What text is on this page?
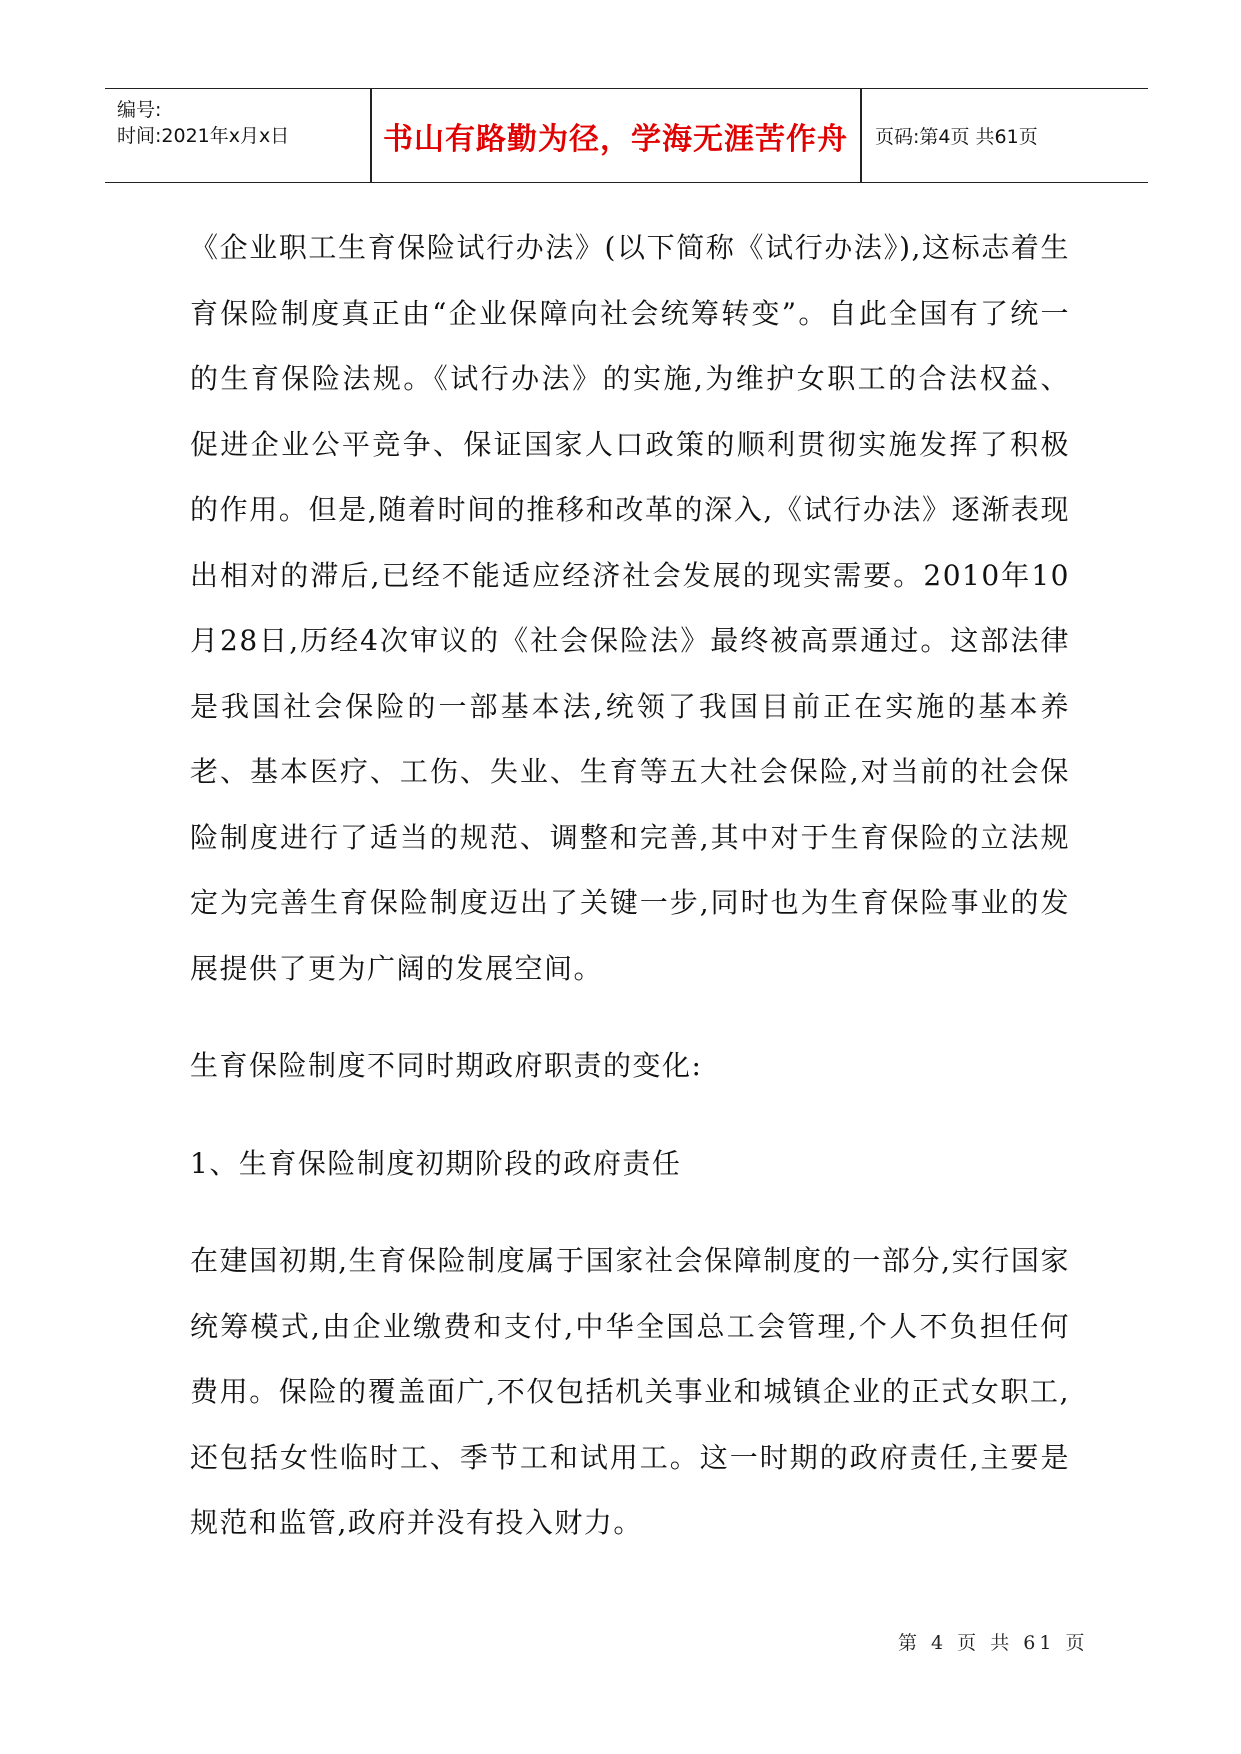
编号:
时间:2021年x月x日	书山有路勤为径，学海无涯苦作舟	页码:第4页 共61页

《企业职工生育保险试行办法》(以下简称《试行办法》),这标志着生育保险制度真正由“企业保障向社会统筹转变”。自此全国有了统一的生育保险法规。《试行办法》的实施,为维护女职工的合法权益、促进企业公平竞争、保证国家人口政策的顺利贯彻实施发挥了积极的作用。但是,随着时间的推移和改革的深入,《试行办法》逐渐表现出相对的滞后,已经不能适应经济社会发展的现实需要。2010年10月28日,历经4次审议的《社会保险法》最终被高票通过。这部法律是我国社会保险的一部基本法,统领了我国目前正在实施的基本养老、基本医疗、工伤、失业、生育等五大社会保险,对当前的社会保险制度进行了适当的规范、调整和完善,其中对于生育保险的立法规定为完善生育保险制度迈出了关键一步,同时也为生育保险事业的发展提供了更为广阔的发展空间。

生育保险制度不同时期政府职责的变化:

1、生育保险制度初期阶段的政府责任

在建国初期,生育保险制度属于国家社会保障制度的一部分,实行国家统筹模式,由企业缴费和支付,中华全国总工会管理,个人不负担任何费用。保险的覆盖面广,不仅包括机关事业和城镇企业的正式女职工,还包括女性临时工、季节工和试用工。这一时期的政府责任,主要是规范和监管,政府并没有投入财力。

第 4 页 共 61 页
